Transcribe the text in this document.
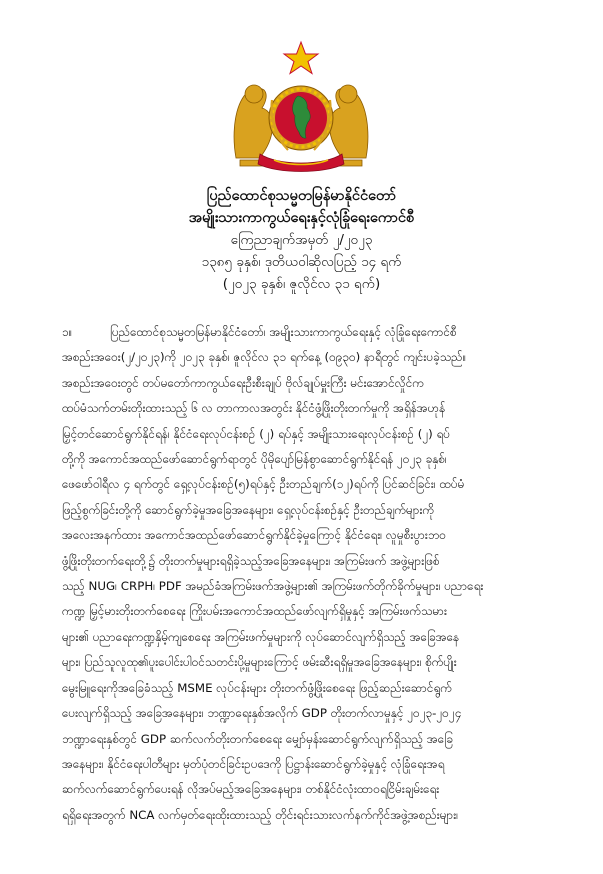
ပြည်ထောင်စုသမ္မတမြန်မာနိုင်ငံတော်
အမျိုးသားကာကွယ်ရေးနှင့်လုံခြုံရေးကောင်စီ
ကြေညာချက်အမှတ် ၂/၂၀၂၃
၁၃၈၅ ခုနှစ်၊ ဒုတိယဝါဆိုလပြည့် ၁၄ ရက်
(၂၀၂၃ ခုနှစ်၊ ဇူလိုင်လ ၃၁ ရက်)
၁။	ပြည်ထောင်စုသမ္မတမြန်မာနိုင်ငံတော်၊ အမျိုးသားကာကွယ်ရေးနှင့် လုံခြုံရေးကောင်စီ
အစည်းအဝေး(၂/၂၀၂၃)ကို ၂၀၂၃ ခုနှစ်၊ ဇူလိုင်လ ၃၁ ရက်နေ့ (၀၉၃၀) နာရီတွင် ကျင်းပခဲ့သည်။
အစည်းအဝေးတွင် တပ်မတော်ကာကွယ်ရေးဦးစီးချုပ် ဗိုလ်ချုပ်မှူးကြီး မင်းအောင်လှိုင်က
ထပ်မံသက်တမ်းတိုးထားသည့် ၆ လ တာကာလအတွင်း နိုင်ငံဖွံ့ဖြိုးတိုးတက်မှုကို အရှိန်အဟုန်
မြှင့်တင်ဆောင်ရွက်နိုင်ရန်၊ နိုင်ငံရေးလုပ်ငန်းစဉ် (၂) ရပ်နှင့် အမျိုးသားရေးလုပ်ငန်းစဉ် (၂) ရပ်
တို့ကို အကောင်အထည်ဖော်ဆောင်ရွက်ရာတွင် ပိုမိုပျော်မြန်စွာဆောင်ရွက်နိုင်ရန် ၂၀၂၃ ခုနှစ်၊
ဖေဖော်ဝါရီလ ၄ ရက်တွင် ရှေ့လုပ်ငန်းစဉ်(၅)ရပ်နှင့် ဦးတည်ချက်(၁၂)ရပ်ကို ပြင်ဆင်ခြင်း၊ ထပ်မံ
ဖြည့်စွက်ခြင်းတို့ကို ဆောင်ရွက်ခဲ့မှုအခြေအနေများ၊ ရှေ့လုပ်ငန်းစဉ်နှင့် ဦးတည်ချက်များကို
အလေးအနက်ထား အကောင်အထည်ဖော်ဆောင်ရွက်နိုင်ခဲ့မှုကြောင့် နိုင်ငံရေး၊ လူမှုစီးပွားဘဝ
ဖွံ့ဖြိုးတိုးတက်ရေးတို့၌ တိုးတက်မှုများရရှိခဲ့သည့်အခြေအနေများ၊ အကြမ်းဖက် အဖွဲ့များဖြစ်
သည့် NUG၊ CRPH၊ PDF အမည်ခံအကြမ်းဖက်အဖွဲ့များ၏ အကြမ်းဖက်တိုက်ခိုက်မှုများ၊ ပညာရေး
ကဏ္ဍ မြှင့်မားတိုးတက်စေရေး ကြိုးပမ်းအကောင်အထည်ဖော်လျက်ရှိမှုနှင့် အကြမ်းဖက်သမား
များ၏ ပညာရေးကဏ္ဍနှိမ့်ကျစေရေး အကြမ်းဖက်မှုများကို လုပ်ဆောင်လျက်ရှိသည့် အခြေအနေ
များ၊ ပြည်သူလူထု၏ပူးပေါင်းပါဝင်သတင်းပို့မှုများကြောင့် ဖမ်းဆီးရရှိမှုအခြေအနေများ၊ စိုက်ပျိုး
မွေးမြူရေးကိုအခြေခံသည့် MSME လုပ်ငန်းများ တိုးတက်ဖွံ့ဖြိုးစေရေး ဖြည့်ဆည်းဆောင်ရွက်
ပေးလျက်ရှိသည့် အခြေအနေများ၊ ဘဏ္ဍာရေးနှစ်အလိုက် GDP တိုးတက်လာမှုနှင့် ၂၀၂၃-၂၀၂၄
ဘဏ္ဍာရေးနှစ်တွင် GDP ဆက်လက်တိုးတက်စေရေး မျှော်မှန်းဆောင်ရွက်လျက်ရှိသည့် အခြေ
အနေများ၊ နိုင်ငံရေးပါတီများ မှတ်ပုံတင်ခြင်းဥပဒေကို ပြဋ္ဌာန်းဆောင်ရွက်ခဲ့မှုနှင့် လုံခြုံရေးအရ
ဆက်လက်ဆောင်ရွက်ပေးရန် လိုအပ်မည့်အခြေအနေများ၊ တစ်နိုင်ငံလုံးထာဝရငြိမ်းချမ်းရေး
ရရှိရေးအတွက် NCA လက်မှတ်ရေးထိုးထားသည့် တိုင်းရင်းသားလက်နက်ကိုင်အဖွဲ့အစည်းများ၊
